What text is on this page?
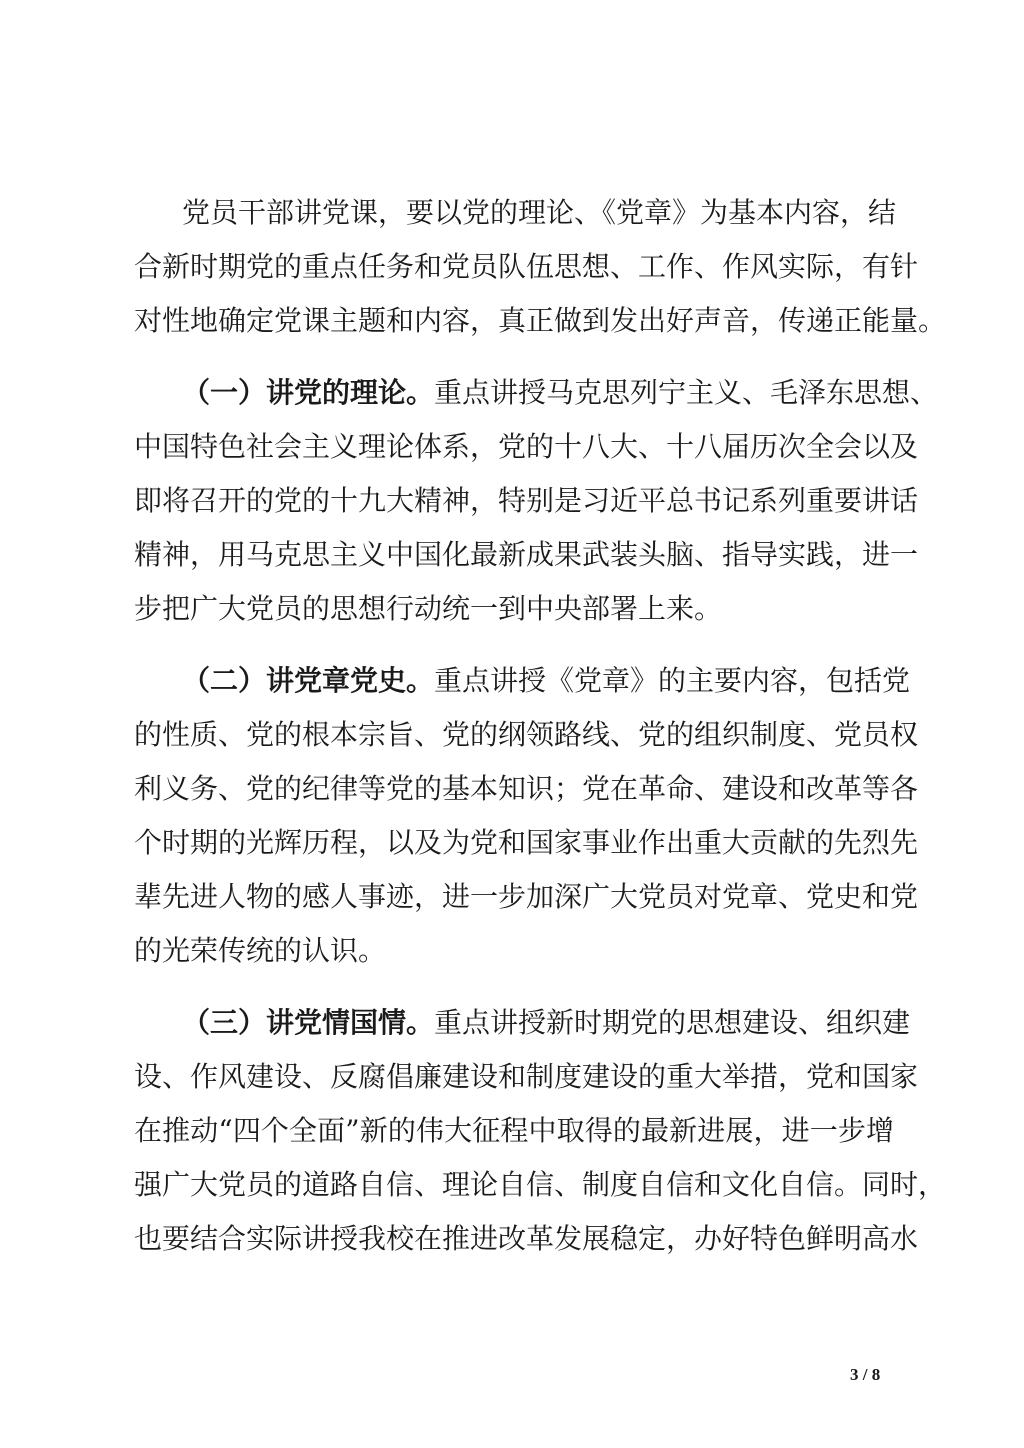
党员干部讲党课，要以党的理论、《党章》为基本内容，结
合新时期党的重点任务和党员队伍思想、工作、作风实际，有针
对性地确定党课主题和内容，真正做到发出好声音，传递正能量。
（一）讲党的理论。重点讲授马克思列宁主义、毛泽东思想、
中国特色社会主义理论体系，党的十八大、十八届历次全会以及
即将召开的党的十九大精神，特别是习近平总书记系列重要讲话
精神，用马克思主义中国化最新成果武装头脑、指导实践，进一
步把广大党员的思想行动统一到中央部署上来。
（二）讲党章党史。重点讲授《党章》的主要内容，包括党
的性质、党的根本宗旨、党的纲领路线、党的组织制度、党员权
利义务、党的纪律等党的基本知识；党在革命、建设和改革等各
个时期的光辉历程，以及为党和国家事业作出重大贡献的先烈先
辈先进人物的感人事迹，进一步加深广大党员对党章、党史和党
的光荣传统的认识。
（三）讲党情国情。重点讲授新时期党的思想建设、组织建
设、作风建设、反腐倡廉建设和制度建设的重大举措，党和国家
在推动“四个全面”新的伟大征程中取得的最新进展，进一步增
强广大党员的道路自信、理论自信、制度自信和文化自信。同时，
也要结合实际讲授我校在推进改革发展稳定，办好特色鲜明高水
3 / 8
